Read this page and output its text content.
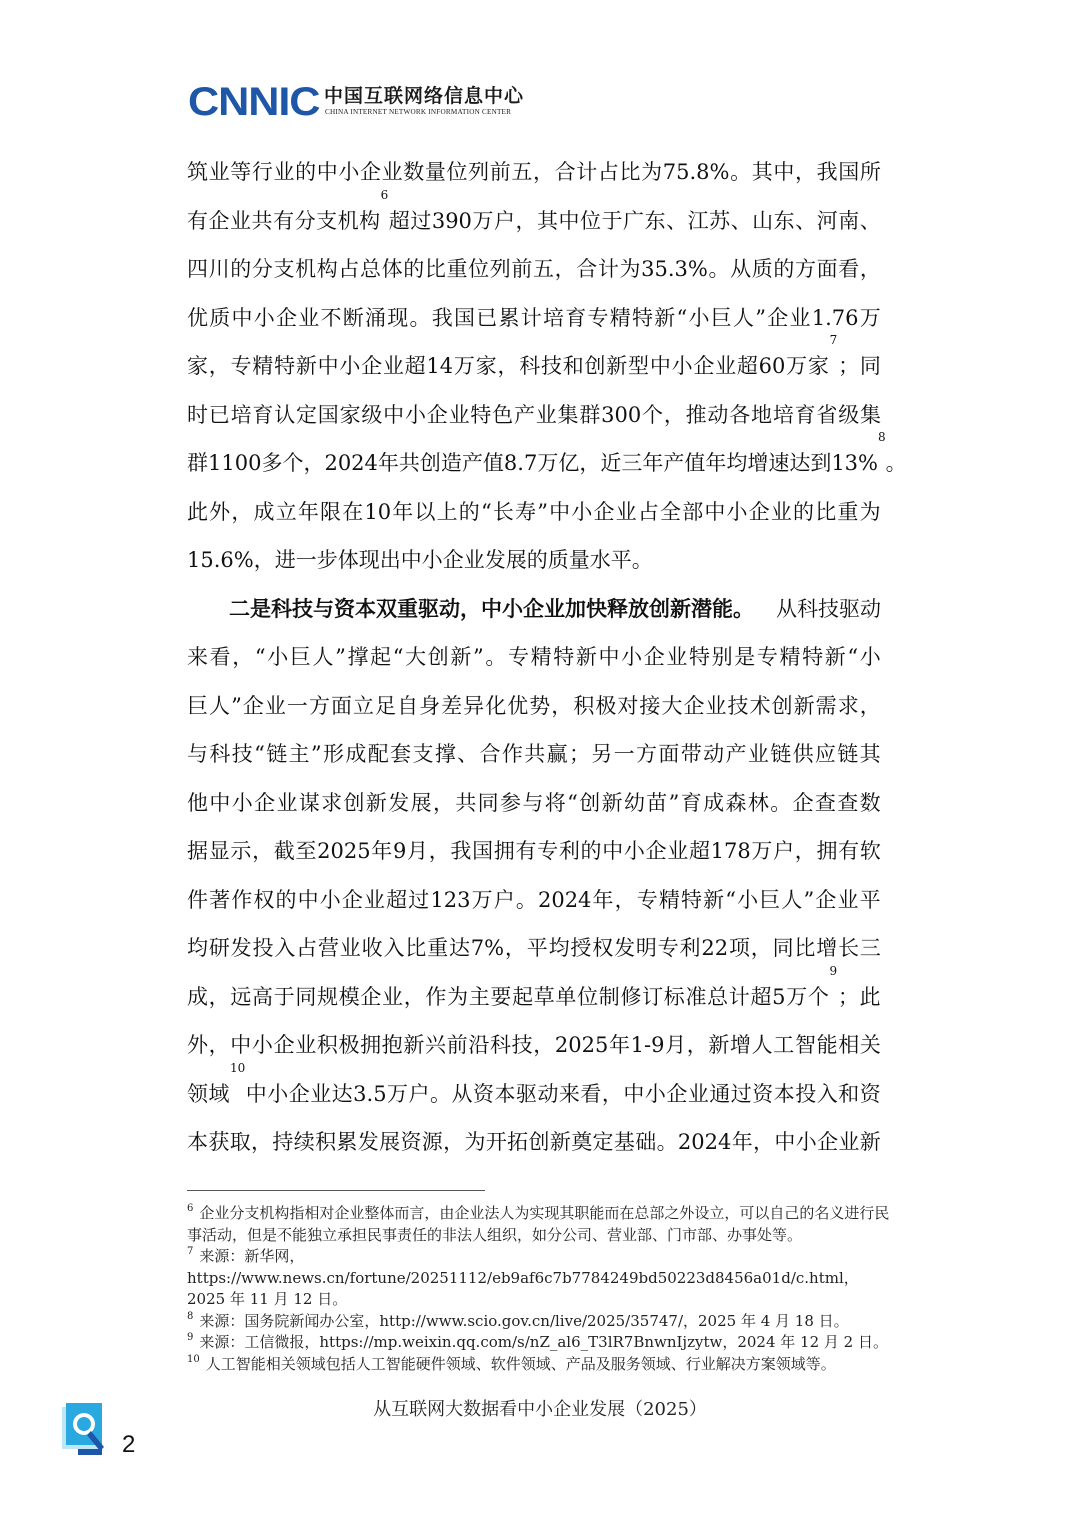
CNNIC 中国互联网络信息中心
CHINA INTERNET NETWORK INFORMATION CENTER
筑 业 等 行 业 的 中 小 企 业 数 量 位 列 前 五 ， 合 计 占 比 为 75.8% 。 其 中 ， 我 国 所
有 企 业 共 有 分 支 机 构
$^6$
超 过 390 万 户 ， 其 中 位 于 广 东 、 江 苏 、 山 东 、 河 南 、
四 川 的 分 支 机 构 占 总 体 的 比 重 位 列 前 五 ， 合 计 为 35.3% 。 从 质 的 方 面 看 ，
优 质 中 小 企 业 不 断 涌 现 。 我 国 已 累 计 培 育 专 精 特 新 “ 小 巨 人 ” 企 业 1.76 万
家 ， 专 精 特 新 中 小 企 业 超 14 万 家 ， 科 技 和 创 新 型 中 小 企 业 超 60 万 家
$^7$
； 同
时 已 培 育 认 定 国 家 级 中 小 企 业 特 色 产 业 集 群 300 个 ， 推 动 各 地 培 育 省 级 集
群 1100 多 个 ， 2024 年 共 创 造 产 值 8.7 万 亿 ， 近 三 年 产 值 年 均 增 速 达 到 13%
$^8$
。
此 外 ， 成 立 年 限 在 10 年 以 上 的 “ 长 寿 ” 中 小 企 业 占 全 部 中 小 企 业 的 比 重 为
15.6% ， 进 一 步 体 现 出 中 小 企 业 发 展 的 质 量 水 平 。
二是科技与资本双重驱动，中小企业加快释放创新潜能。 从科技驱动
来 看 ， “ 小 巨 人 ” 撑 起 “ 大 创 新 ” 。 专 精 特 新 中 小 企 业 特 别 是 专 精 特 新 “ 小
巨 人 ” 企 业 一 方 面 立 足 自 身 差 异 化 优 势 ， 积 极 对 接 大 企 业 技 术 创 新 需 求 ，
与 科 技 “ 链 主 ” 形 成 配 套 支 撑 、 合 作 共 赢 ； 另 一 方 面 带 动 产 业 链 供 应 链 其
他 中 小 企 业 谋 求 创 新 发 展 ， 共 同 参 与 将 “ 创 新 幼 苗 ” 育 成 森 林 。 企 查 查 数
据 显 示 ， 截 至 2025 年 9 月 ， 我 国 拥 有 专 利 的 中 小 企 业 超 178 万 户 ， 拥 有 软
件 著 作 权 的 中 小 企 业 超 过 123 万 户 。 2024 年 ， 专 精 特 新 “ 小 巨 人 ” 企 业 平
均 研 发 投 入 占 营 业 收 入 比 重 达 7% ， 平 均 授 权 发 明 专 利 22 项 ， 同 比 增 长 三
成 ， 远 高 于 同 规 模 企 业 ， 作 为 主 要 起 草 单 位 制 修 订 标 准 总 计 超 5 万 个
$^9$
； 此
外 ， 中 小 企 业 积 极 拥 抱 新 兴 前 沿 科 技 ， 2025 年 1-9 月 ， 新 增 人 工 智 能 相 关
领 域
$^{10}$
中 小 企 业 达 3.5 万 户 。 从 资 本 驱 动 来 看 ， 中 小 企 业 通 过 资 本 投 入 和 资
本 获 取 ， 持 续 积 累 发 展 资 源 ， 为 开 拓 创 新 奠 定 基 础 。 2024 年 ， 中 小 企 业 新

$^6$ 企业分支机构指相对企业整体而言，由企业法人为实现其职能而在总部之外设立，可以自己的名义进行民事活动，但是不能独立承担民事责任的非法人组织，如分公司、营业部、门市部、办事处等。

$^7$ 来源：新华网，https://www.news.cn/fortune/20251112/eb9af6c7b7784249bd50223d8456a01d/c.html，2025 年 11 月 12 日。

$^8$ 来源：国务院新闻办公室，http://www.scio.gov.cn/live/2025/35747/，2025 年 4 月 18 日。

$^9$ 来源：工信微报，https://mp.weixin.qq.com/s/nZ_al6_T3lR7BnwnIjzytw，2024 年 12 月 2 日。

$^{10}$ 人工智能相关领域包括人工智能硬件领域、软件领域、产品及服务领域、行业解决方案领域等。

从互联网大数据看中小企业发展（2025）
2
